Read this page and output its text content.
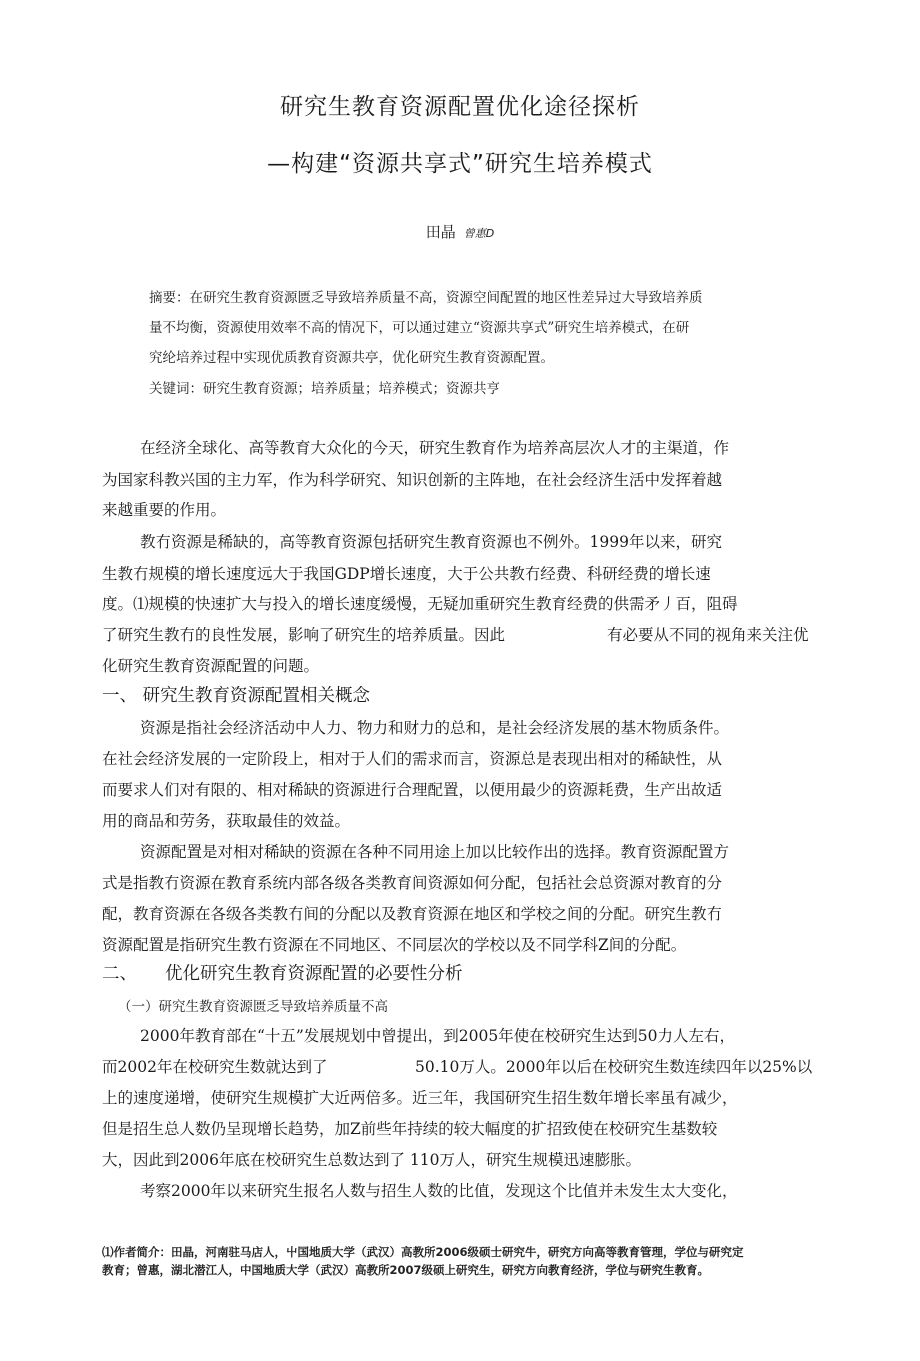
研究生教育资源配置优化途径探析
—构建“资源共享式”研究生培养模式
田晶 曾惠D
摘要：在研究生教育资源匮乏导致培养质量不高，资源空间配置的地区性差异过大导致培养质
量不均衡，资源使用效率不高的情况下，可以通过建立“资源共享式”研究生培养模式，在研
究纶培养过程中实现优质教育资源共亭，优化研究生教育资源配置。
关键词：研究生教育资源；培养质量；培养模式；资源共亨
在经济全球化、高等教育大众化的今天，研究生教育作为培养高层次人才的主渠道，作
为国家科教兴国的主力军，作为科学研究、知识创新的主阵地，在社会经济生活中发挥着越
来越重要的作用。
教冇资源是稀缺的，高等教育资源包括研究生教育资源也不例外。1999年以来，研究
生教冇规模的增长速度远大于我国GDP增长速度，大于公共教冇经费、科研经费的增长速
度。⑴规模的快速扩大与投入的增长速度缓慢，无疑加重研究生教育经费的供需矛丿百，阻碍
了研究生教冇的良性发展，影响了研究生的培养质量。因此	有必要从不同的视角来关注优
化研究生教育资源配置的问题。
一、 研究生教育资源配置相关概念
资源是指社会经济活动中人力、物力和财力的总和，是社会经济发展的基木物质条件。
在社会经济发展的一定阶段上，相对于人们的需求而言，资源总是表现出相对的稀缺性，从
而要求人们对有限的、相对稀缺的资源进行合理配置，以便用最少的资源耗费，生产出故适
用的商品和劳务，获取最佳的效益。
资源配置是对相对稀缺的资源在各种不同用途上加以比较作出的选择。教育资源配置方
式是指教冇资源在教育系统内部各级各类教育间资源如何分配，包括社会总资源对教育的分
配，教育资源在各级各类教冇间的分配以及教育资源在地区和学校之间的分配。研究生教冇
资源配置是指研究生教冇资源在不同地区、不同层次的学校以及不同学科Z间的分配。
二、 优化研究生教育资源配置的必要性分析
（一）研究生教育资源匮乏导致培养质量不高
2000年教育部在“十五”发展规划中曾提出，到2005年使在校研究生达到50力人左右，
而2002年在校研究生数就达到了	50.10万人。2000年以后在校研究生数连续四年以25%以
上的速度递增，使研究生规模扩大近两倍多。近三年，我国研究生招生数年增长率虽有减少，
但是招生总人数仍呈现增长趋势，加Z前些年持续的较大幅度的扩招致使在校研究生基数较
大，因此到2006年底在校研究生总数达到了 110万人，研究生规模迅速膨胀。
考察2000年以来研究生报名人数与招生人数的比值，发现这个比值并未发生太大变化，
⑴作者简介：田晶，河南驻马店人，屮国地质大学（武汉）高教所2006级硕士研究牛，研究方向高等教育管理，学位与研究定
教育；曾惠，湖北潜江人，中国地质大学（武汉）高教所2007级硕上研究生，研究方向教育经济，学位与研究生教育。
